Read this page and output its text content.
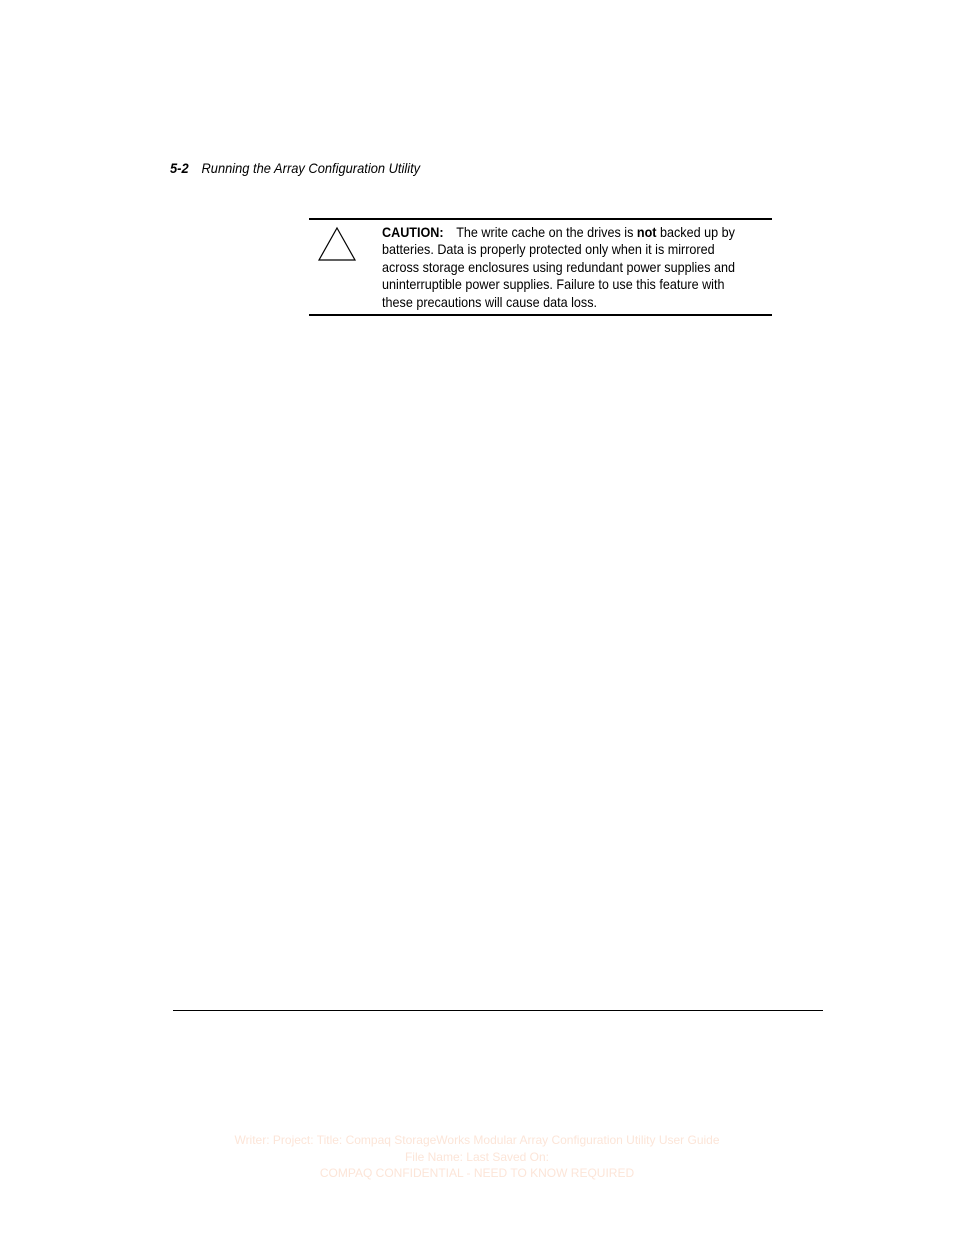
5-2 Running the Array Configuration Utility
CAUTION: The write cache on the drives is not backed up by
batteries. Data is properly protected only when it is mirrored
across storage enclosures using redundant power supplies and
uninterruptible power supplies. Failure to use this feature with
these precautions will cause data loss.
Writer: Project: Title: Compaq StorageWorks Modular Array Configuration Utility User Guide
File Name: Last Saved On:
COMPAQ CONFIDENTIAL - NEED TO KNOW REQUIRED
